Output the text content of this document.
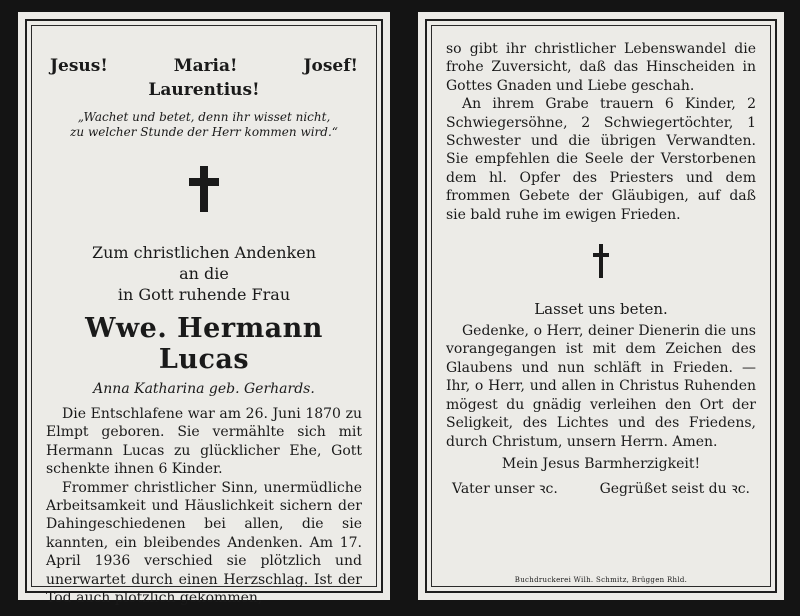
Jesus!	Maria!	Josef!
Laurentius!
„Wachet und betet, denn ihr wisset nicht,
zu welcher Stunde der Herr kommen wird.“
Zum christlichen Andenken
an die
in Gott ruhende Frau
Wwe. Hermann Lucas
Anna Katharina geb. Gerhards.

Die Entschlafene war am 26. Juni 1870 zu Elmpt geboren. Sie vermählte sich mit Hermann Lucas zu glücklicher Ehe, Gott schenkte ihnen 6 Kinder.

Frommer christlicher Sinn, unermüdliche Arbeitsamkeit und Häuslichkeit sichern der Dahingeschiedenen bei allen, die sie kannten, ein bleibendes Andenken. Am 17. April 1936 verschied sie plötzlich und unerwartet durch einen Herzschlag. Ist der Tod auch plötzlich gekommen,

so gibt ihr christlicher Lebenswandel die frohe Zuversicht, daß das Hinscheiden in Gottes Gnaden und Liebe geschah.

An ihrem Grabe trauern 6 Kinder, 2 Schwiegersöhne, 2 Schwiegertöchter, 1 Schwester und die übrigen Verwandten. Sie empfehlen die Seele der Verstorbenen dem hl. Opfer des Priesters und dem frommen Gebete der Gläubigen, auf daß sie bald ruhe im ewigen Frieden.

Lasset uns beten.

Gedenke, o Herr, deiner Dienerin die uns vorangegangen ist mit dem Zeichen des Glaubens und nun schläft in Frieden. — Ihr, o Herr, und allen in Christus Ruhenden mögest du gnädig verleihen den Ort der Seligkeit, des Lichtes und des Friedens, durch Christum, unsern Herrn. Amen.

Mein Jesus Barmherzigkeit!
Vater unser ꝛc.	Gegrüßet seist du ꝛc.
Buchdruckerei Wilh. Schmitz, Brüggen Rhld.
